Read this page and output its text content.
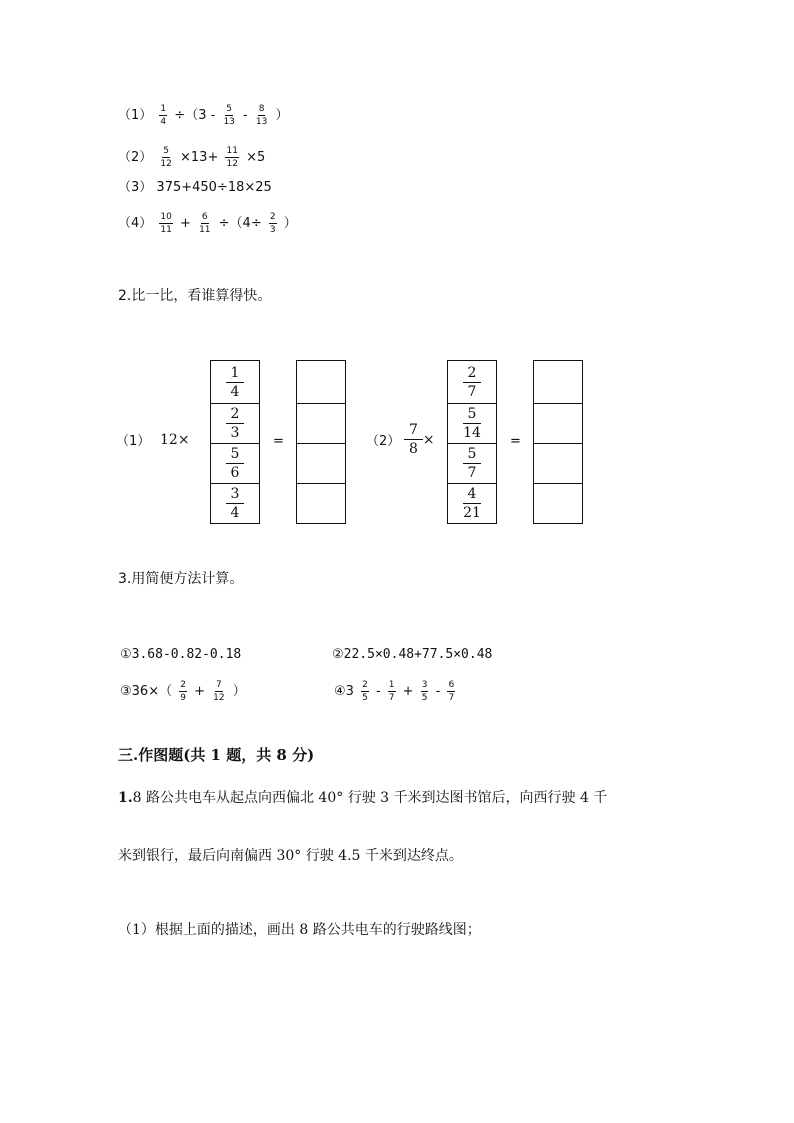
$(1) \frac{1}{4} \div(3 - \frac{5}{13} - \frac{8}{13}$ ）
$(2) \frac{5}{12} \times 13+ \frac{11}{12} \times 5$
（3） 375+450÷18×25
$(4) \frac{10}{11} + \frac{6}{11} \div(4\div \frac{2}{3}$ ）
2.比一比，看谁算得快。
（1） 12×
$\frac{1}{4}$
$\frac{2}{3}$
$\frac{5}{6}$
$\frac{3}{4}$
=	$(2) \frac{7}{8}$ ×
$\frac{2}{7}$
$\frac{5}{14}$
$\frac{5}{7}$
$\frac{4}{21}$
=
3.用简便方法计算。
①3.68-0.82-0.18	②22.5×0.48+77.5×0.48
③36×（ $\frac{2}{9} + \frac{7}{12}$ ）	④3 $\frac{2}{5} - \frac{1}{7} + \frac{3}{5} - \frac{6}{7}$
三.作图题(共 1 题，共 8 分)
1.8 路公共电车从起点向西偏北 40° 行驶 3 千米到达图书馆后，向西行驶 4 千
米到银行，最后向南偏西 30° 行驶 4.5 千米到达终点。
（1）根据上面的描述，画出 8 路公共电车的行驶路线图；
